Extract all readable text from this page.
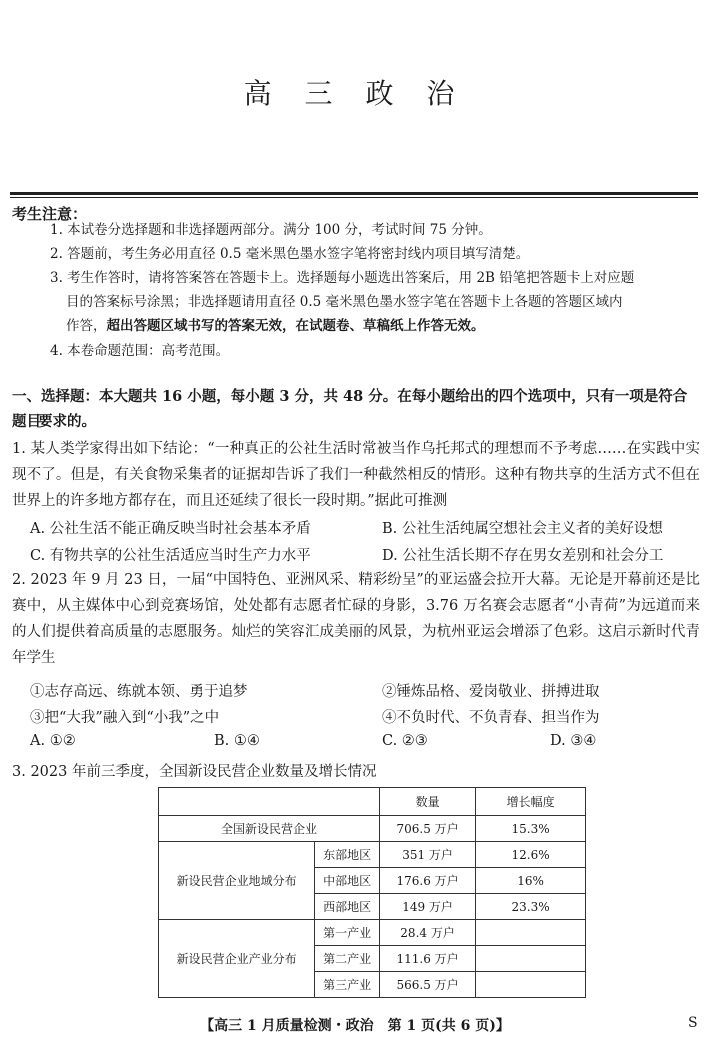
高 三 政 治
考生注意：
1. 本试卷分选择题和非选择题两部分。满分 100 分，考试时间 75 分钟。
2. 答题前，考生务必用直径 0.5 毫米黑色墨水签字笔将密封线内项目填写清楚。
3. 考生作答时，请将答案答在答题卡上。选择题每小题选出答案后，用 2B 铅笔把答题卡上对应题
目的答案标号涂黑；非选择题请用直径 0.5 毫米黑色墨水签字笔在答题卡上各题的答题区域内
作答，超出答题区域书写的答案无效，在试题卷、草稿纸上作答无效。
4. 本卷命题范围：高考范围。
一、选择题：本大题共 16 小题，每小题 3 分，共 48 分。在每小题给出的四个选项中，只有一项是符合题目
要求的。
1. 某人类学家得出如下结论：“一种真正的公社生活时常被当作乌托邦式的理想而不予考虑……在实践中实现不了。但是，有关食物采集者的证据却告诉了我们一种截然相反的情形。这种有物共享的生活方式不但在世界上的许多地方都存在，而且还延续了很长一段时期。”据此可推测
A. 公社生活不能正确反映当时社会基本矛盾	B. 公社生活纯属空想社会主义者的美好设想
C. 有物共享的公社生活适应当时生产力水平	D. 公社生活长期不存在男女差别和社会分工
2. 2023 年 9 月 23 日，一届“中国特色、亚洲风采、精彩纷呈”的亚运盛会拉开大幕。无论是开幕前还是比赛中，从主媒体中心到竞赛场馆，处处都有志愿者忙碌的身影，3.76 万名赛会志愿者“小青荷”为远道而来的人们提供着高质量的志愿服务。灿烂的笑容汇成美丽的风景，为杭州亚运会增添了色彩。这启示新时代青年学生
①志存高远、练就本领、勇于追梦	②锤炼品格、爱岗敬业、拼搏进取
③把“大我”融入到“小我”之中	④不负时代、不负青春、担当作为
A. ①②	B. ①④	C. ②③	D. ③④
3. 2023 年前三季度，全国新设民营企业数量及增长情况
		数量	增长幅度
全国新设民营企业		706.5 万户	15.3%
新设民营企业地域分布	东部地区	351 万户	12.6%
	中部地区	176.6 万户	16%
	西部地区	149 万户	23.3%
新设民营企业产业分布	第一产业	28.4 万户	
	第二产业	111.6 万户	
	第三产业	566.5 万户	
【高三 1 月质量检测・政治　第 1 页(共 6 页)】	S
